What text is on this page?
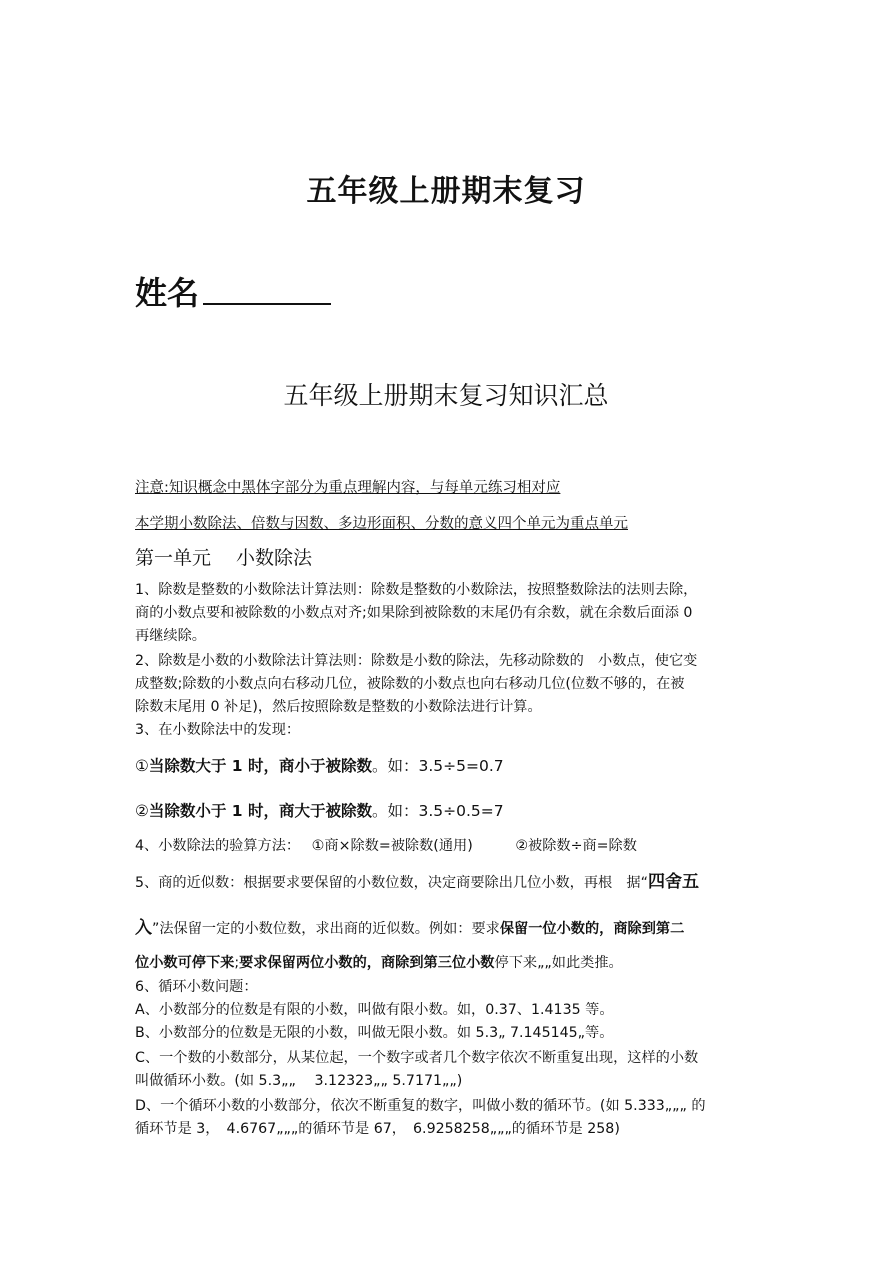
五年级上册期末复习
姓名
五年级上册期末复习知识汇总
注意:知识概念中黑体字部分为重点理解内容，与每单元练习相对应
本学期小数除法、倍数与因数、多边形面积、分数的意义四个单元为重点单元
第一单元　 小数除法
1、除数是整数的小数除法计算法则：除数是整数的小数除法，按照整数除法的法则去除，
商的小数点要和被除数的小数点对齐;如果除到被除数的末尾仍有余数，就在余数后面添 0
再继续除。
2、除数是小数的小数除法计算法则：除数是小数的除法，先移动除数的　小数点，使它变
成整数;除数的小数点向右移动几位，被除数的小数点也向右移动几位(位数不够的，在被
除数末尾用 0 补足)，然后按照除数是整数的小数除法进行计算。
3、在小数除法中的发现：
①当除数大于 1 时，商小于被除数。如：3.5÷5=0.7
②当除数小于 1 时，商大于被除数。如：3.5÷0.5=7
4、小数除法的验算方法：　 ①商×除数=被除数(通用)　　　②被除数÷商=除数
5、商的近似数：根据要求要保留的小数位数，决定商要除出几位小数，再根　据“四舍五
入”法保留一定的小数位数，求出商的近似数。例如：要求保留一位小数的，商除到第二
位小数可停下来;要求保留两位小数的，商除到第三位小数停下来„„如此类推。
6、循环小数问题：
A、小数部分的位数是有限的小数，叫做有限小数。如，0.37、1.4135 等。
B、小数部分的位数是无限的小数，叫做无限小数。如 5.3„ 7.145145„等。
C、一个数的小数部分，从某位起，一个数字或者几个数字依次不断重复出现，这样的小数
叫做循环小数。(如 5.3„„　 3.12323„„ 5.7171„„)
D、一个循环小数的小数部分，依次不断重复的数字，叫做小数的循环节。(如 5.333„„„ 的
循环节是 3，　4.6767„„„的循环节是 67，　6.9258258„„„的循环节是 258)
